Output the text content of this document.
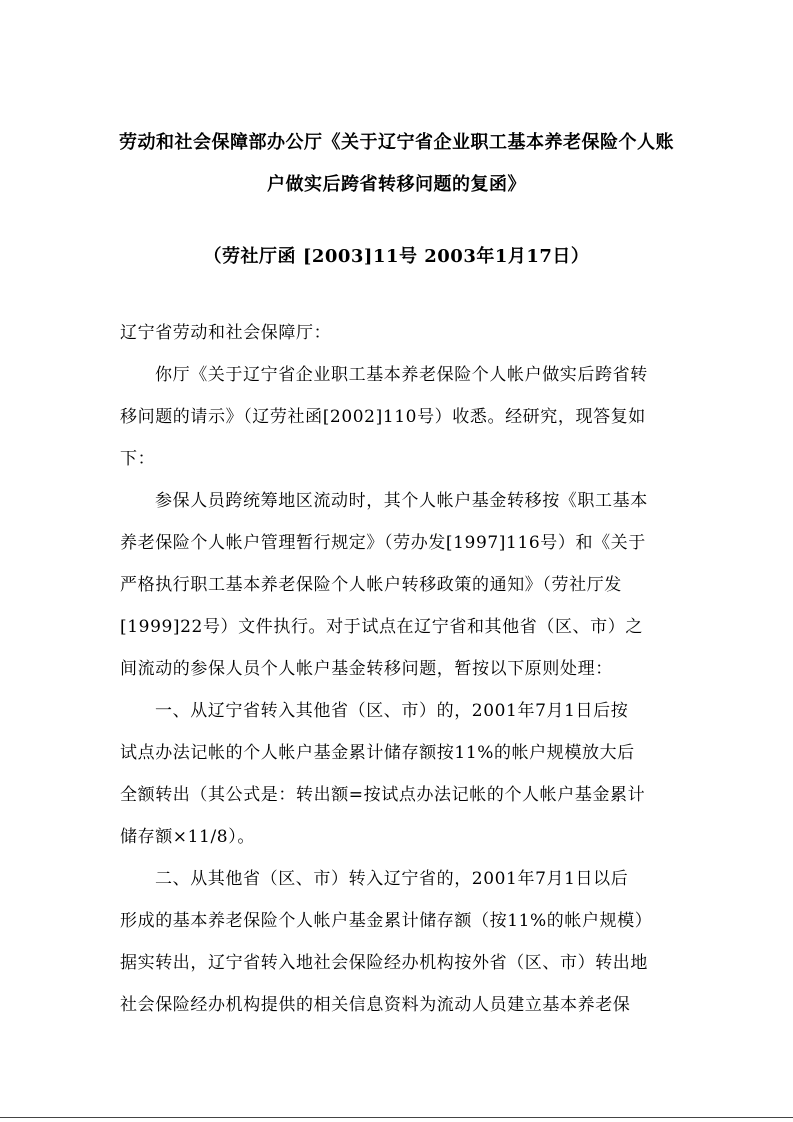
劳动和社会保障部办公厅《关于辽宁省企业职工基本养老保险个人账
户做实后跨省转移问题的复函》
（劳社厅函 [2003]11号 2003年1月17日）
辽宁省劳动和社会保障厅：
你厅《关于辽宁省企业职工基本养老保险个人帐户做实后跨省转
移问题的请示》（辽劳社函[2002]110号）收悉。经研究，现答复如
下：
参保人员跨统筹地区流动时，其个人帐户基金转移按《职工基本
养老保险个人帐户管理暂行规定》（劳办发[1997]116号）和《关于
严格执行职工基本养老保险个人帐户转移政策的通知》（劳社厅发
[1999]22号）文件执行。对于试点在辽宁省和其他省（区、市）之
间流动的参保人员个人帐户基金转移问题，暂按以下原则处理：
一、从辽宁省转入其他省（区、市）的，2001年7月1日后按
试点办法记帐的个人帐户基金累计储存额按11%的帐户规模放大后
全额转出（其公式是：转出额=按试点办法记帐的个人帐户基金累计
储存额×11/8）。
二、从其他省（区、市）转入辽宁省的，2001年7月1日以后
形成的基本养老保险个人帐户基金累计储存额（按11%的帐户规模）
据实转出，辽宁省转入地社会保险经办机构按外省（区、市）转出地
社会保险经办机构提供的相关信息资料为流动人员建立基本养老保
